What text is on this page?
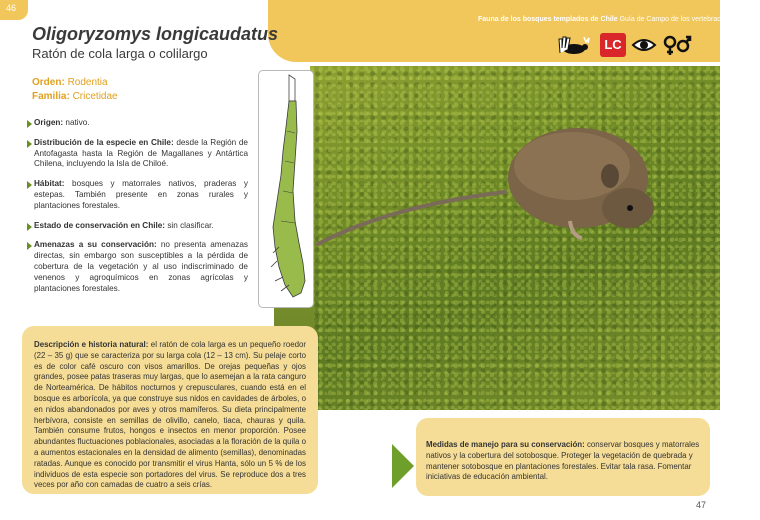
46
Fauna de los bosques templados de Chile Guía de Campo de los vertebrados terrestres
LC
Oligoryzomys longicaudatus
Ratón de cola larga o colilargo
Orden: Rodentia
Familia: Cricetidae
Origen: nativo.
Distribución de la especie en Chile: desde la Región de Antofagasta hasta la Región de Magallanes y Antártica Chilena, incluyendo la Isla de Chiloé.
Hábitat: bosques y matorrales nativos, praderas y estepas. También presente en zonas rurales y plantaciones forestales.
Estado de conservación en Chile: sin clasificar.
Amenazas a su conservación: no presenta amenazas directas, sin embargo son susceptibles a la pérdida de cobertura de la vegetación y al uso indiscriminado de venenos y agroquímicos en zonas agrícolas y plantaciones forestales.
Descripción e historia natural: el ratón de cola larga es un pequeño roedor (22 – 35 g) que se caracteriza por su larga cola (12 – 13 cm). Su pelaje corto es de color café oscuro con visos amarillos. De orejas pequeñas y ojos grandes, posee patas traseras muy largas, que lo asemejan a la rata canguro de Norteamérica. De hábitos nocturnos y crepusculares, cuando está en el bosque es arborícola, ya que construye sus nidos en cavidades de árboles, o en nidos abandonados por aves y otros mamíferos. Su dieta principalmente herbívora, consiste en semillas de olivillo, canelo, tiaca, chauras y quila. También consume frutos, hongos e insectos en menor proporción. Posee abundantes fluctuaciones poblacionales, asociadas a la floración de la quila o a aumentos estacionales en la densidad de alimento (semillas), denominadas ratadas. Aunque es conocido por transmitir el virus Hanta, sólo un 5 % de los individuos de esta especie son portadores del virus. Se reproduce dos a tres veces por año con camadas de cuatro a seis crías.
Medidas de manejo para su conservación: conservar bosques y matorrales nativos y la cobertura del sotobosque. Proteger la vegetación de quebrada y mantener sotobosque en plantaciones forestales. Evitar tala rasa. Fomentar iniciativas de educación ambiental.
47
